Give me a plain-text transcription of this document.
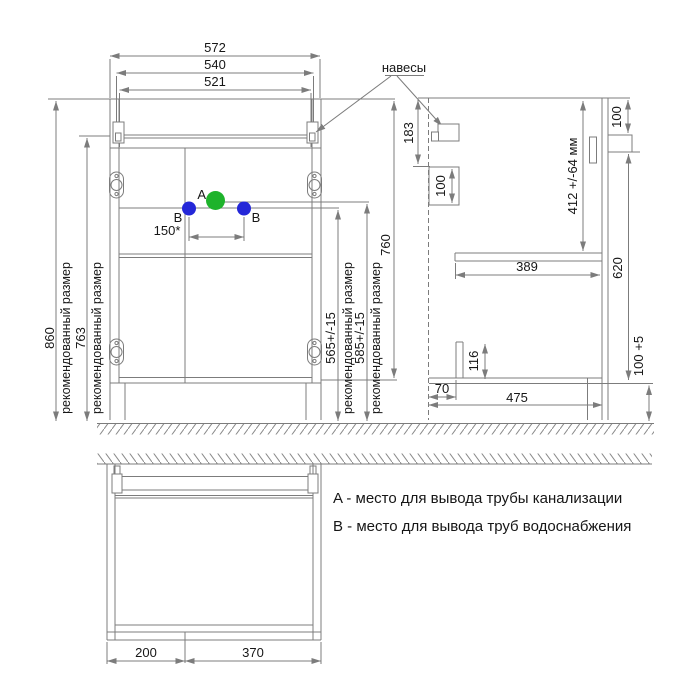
572
540
521
A
B	B
150*
860 рекомендованный размер 763 рекомендованный размер	565+/-15 рекомендованный размер
585+/-15 рекомендованный размер
760
навесы
183
100	412 +/-64 мм
100
620
389
116
70
475
100 +5
200	370
A - место для вывода трубы канализации
B - место для вывода труб водоснабжения
